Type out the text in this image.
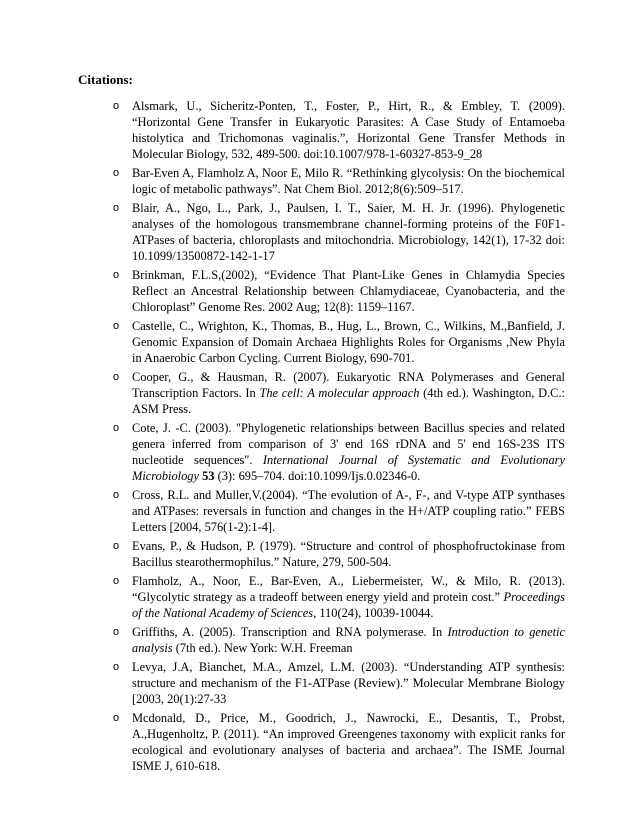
Citations:
o Alsmark, U., Sicheritz-Ponten, T., Foster, P., Hirt, R., & Embley, T. (2009). “Horizontal Gene Transfer in Eukaryotic Parasites: A Case Study of Entamoeba histolytica and Trichomonas vaginalis.”, Horizontal Gene Transfer Methods in Molecular Biology, 532, 489-500. doi:10.1007/978-1-60327-853-9_28
o Bar-Even A, Flamholz A, Noor E, Milo R. “Rethinking glycolysis: On the biochemical logic of metabolic pathways”. Nat Chem Biol. 2012;8(6):509–517.
o Blair, A., Ngo, L., Park, J., Paulsen, I. T., Saier, M. H. Jr. (1996). Phylogenetic analyses of the homologous transmembrane channel-forming proteins of the F0F1-ATPases of bacteria, chloroplasts and mitochondria. Microbiology, 142(1), 17-32 doi: 10.1099/13500872-142-1-17
o Brinkman, F.L.S,(2002), “Evidence That Plant-Like Genes in Chlamydia Species Reflect an Ancestral Relationship between Chlamydiaceae, Cyanobacteria, and the Chloroplast” Genome Res. 2002 Aug; 12(8): 1159–1167.
o Castelle, C., Wrighton, K., Thomas, B., Hug, L., Brown, C., Wilkins, M.,Banfield, J. Genomic Expansion of Domain Archaea Highlights Roles for Organisms ,New Phyla in Anaerobic Carbon Cycling. Current Biology, 690-701.
o Cooper, G., & Hausman, R. (2007). Eukaryotic RNA Polymerases and General Transcription Factors. In The cell: A molecular approach (4th ed.). Washington, D.C.: ASM Press.
o Cote, J. -C. (2003). "Phylogenetic relationships between Bacillus species and related genera inferred from comparison of 3' end 16S rDNA and 5' end 16S-23S ITS nucleotide sequences". International Journal of Systematic and Evolutionary Microbiology 53 (3): 695–704. doi:10.1099/Ijs.0.02346-0.
o Cross, R.L. and Muller,V.(2004). “The evolution of A-, F-, and V-type ATP synthases and ATPases: reversals in function and changes in the H+/ATP coupling ratio.” FEBS Letters [2004, 576(1-2):1-4].
o Evans, P., & Hudson, P. (1979). “Structure and control of phosphofructokinase from Bacillus stearothermophilus.” Nature, 279, 500-504.
o Flamholz, A., Noor, E., Bar-Even, A., Liebermeister, W., & Milo, R. (2013). “Glycolytic strategy as a tradeoff between energy yield and protein cost.” Proceedings of the National Academy of Sciences, 110(24), 10039-10044.
o Griffiths, A. (2005). Transcription and RNA polymerase. In Introduction to genetic analysis (7th ed.). New York: W.H. Freeman
o Levya, J.A, Bianchet, M.A., Amzel, L.M. (2003). “Understanding ATP synthesis: structure and mechanism of the F1-ATPase (Review).” Molecular Membrane Biology [2003, 20(1):27-33
o Mcdonald, D., Price, M., Goodrich, J., Nawrocki, E., Desantis, T., Probst, A.,Hugenholtz, P. (2011). “An improved Greengenes taxonomy with explicit ranks for ecological and evolutionary analyses of bacteria and archaea”. The ISME Journal ISME J, 610-618.
